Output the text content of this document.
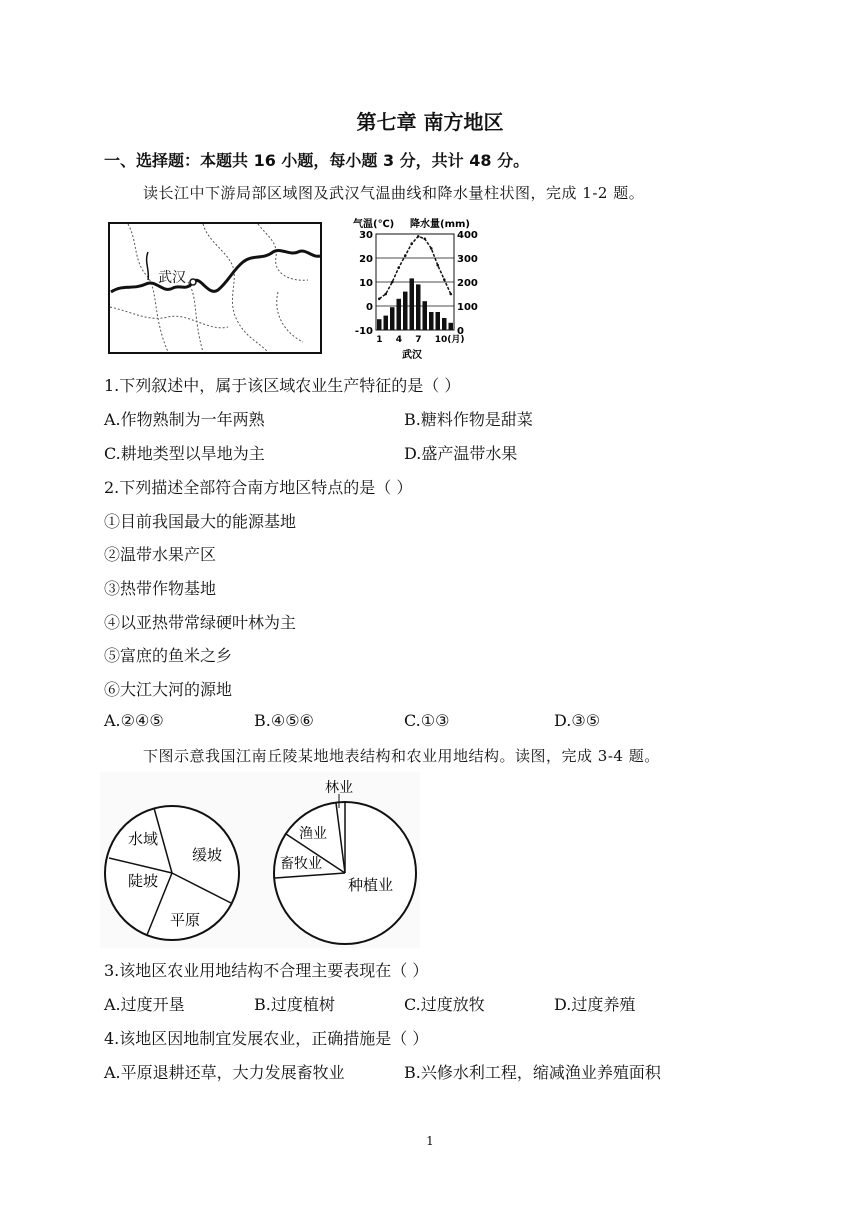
第七章 南方地区
一、选择题：本题共 16 小题，每小题 3 分，共计 48 分。
读长江中下游局部区域图及武汉气温曲线和降水量柱状图，完成 1-2 题。
武汉
气温(℃) 降水量(mm)
30
20
10
0
-10
400
300
200
100
0
1 4 7 10(月)
武汉
1.下列叙述中，属于该区域农业生产特征的是（ ）
A.作物熟制为一年两熟	B.糖料作物是甜菜
C.耕地类型以旱地为主	D.盛产温带水果
2.下列描述全部符合南方地区特点的是（ ）
①目前我国最大的能源基地
②温带水果产区
③热带作物基地
④以亚热带常绿硬叶林为主
⑤富庶的鱼米之乡
⑥大江大河的源地
A.②④⑤	B.④⑤⑥	C.①③	D.③⑤
下图示意我国江南丘陵某地地表结构和农业用地结构。读图，完成 3-4 题。
水域
缓坡
陡坡
平原
林业
渔业
畜牧业
种植业
3.该地区农业用地结构不合理主要表现在（ ）
A.过度开垦	B.过度植树	C.过度放牧	D.过度养殖
4.该地区因地制宜发展农业，正确措施是（ ）
A.平原退耕还草，大力发展畜牧业	B.兴修水利工程，缩减渔业养殖面积
1
